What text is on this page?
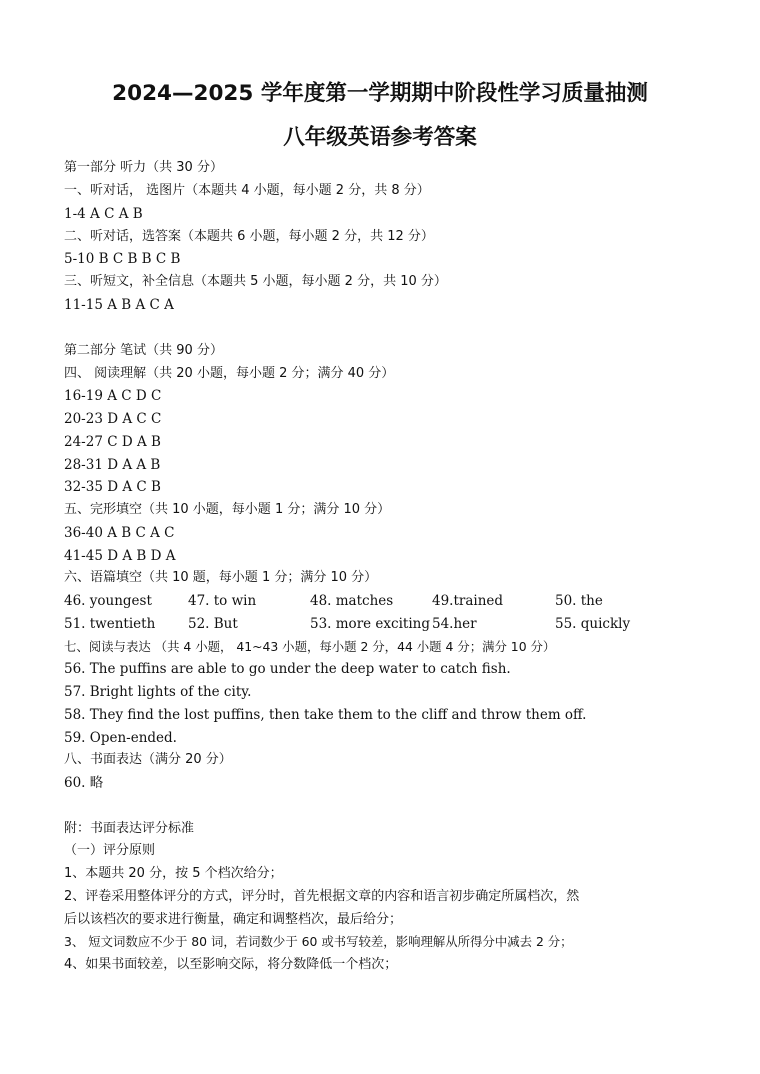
2024—2025 学年度第一学期期中阶段性学习质量抽测
八年级英语参考答案
第一部分 听力（共 30 分）
一、听对话， 选图片（本题共 4 小题，每小题 2 分，共 8 分）
1-4 A C A B
二、听对话，选答案（本题共 6 小题，每小题 2 分，共 12 分）
5-10 B C B B C B
三、听短文，补全信息（本题共 5 小题，每小题 2 分，共 10 分）
11-15 A B A C A
第二部分 笔试（共 90 分）
四、 阅读理解（共 20 小题，每小题 2 分；满分 40 分）
16-19 A C D C
20-23 D A C C
24-27 C D A B
28-31 D A A B
32-35 D A C B
五、完形填空（共 10 小题，每小题 1 分；满分 10 分）
36-40 A B C A C
41-45 D A B D A
六、语篇填空（共 10 题，每小题 1 分；满分 10 分）
46. youngest	47. to win	48. matches	49.trained	50. the
51. twentieth 52. But	53. more exciting 54.her	55. quickly
七、阅读与表达 （共 4 小题， 41~43 小题，每小题 2 分，44 小题 4 分；满分 10 分）
56. The puffins are able to go under the deep water to catch fish.
57. Bright lights of the city.
58. They find the lost puffins, then take them to the cliff and throw them off.
59. Open-ended.
八、书面表达（满分 20 分）
60. 略
附：书面表达评分标准
（一）评分原则
1、本题共 20 分，按 5 个档次给分；
2、评卷采用整体评分的方式，评分时，首先根据文章的内容和语言初步确定所属档次，然
后以该档次的要求进行衡量，确定和调整档次，最后给分；
3、 短文词数应不少于 80 词，若词数少于 60 或书写较差，影响理解从所得分中减去 2 分；
4、如果书面较差，以至影响交际，将分数降低一个档次；
